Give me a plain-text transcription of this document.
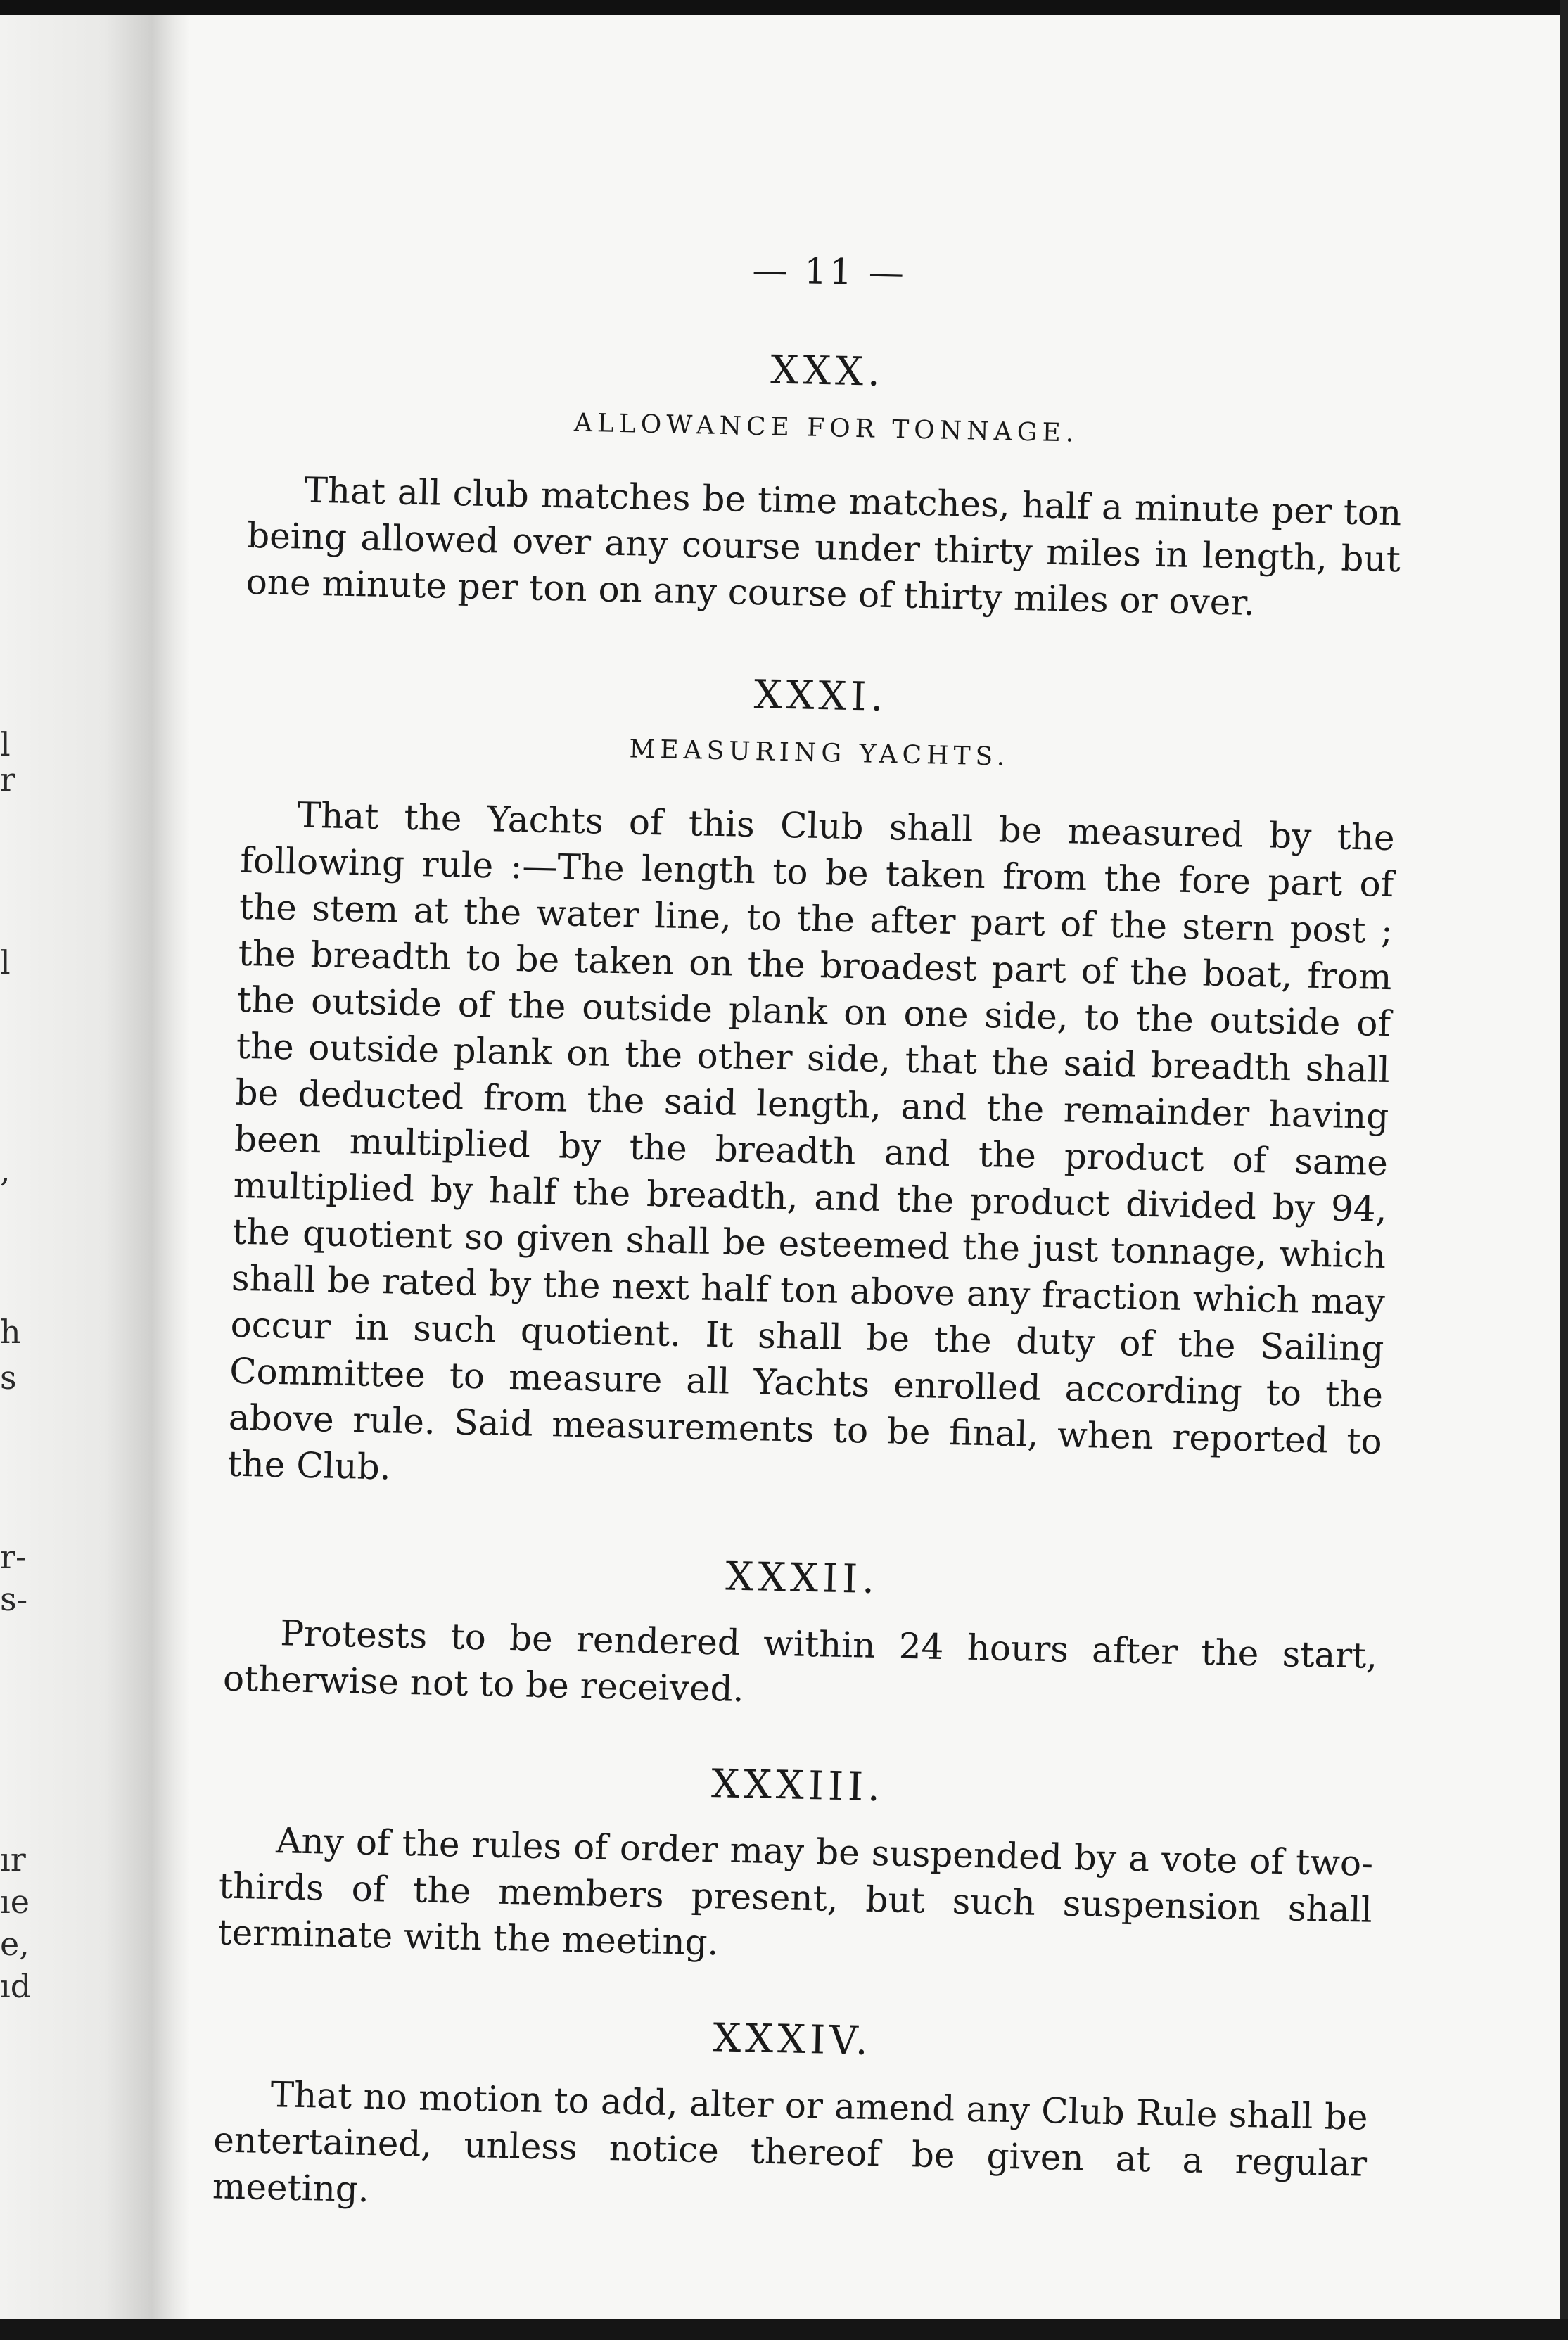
l
r
l
,
h
s
r-
s-
ır
ıe
e,
ıd
— 11 —
XXX.
ALLOWANCE FOR TONNAGE.

That all club matches be time matches, half a minute per ton being allowed over any course under thirty miles in length, but one minute per ton on any course of thirty miles or over.

XXXI.
MEASURING YACHTS.

That the Yachts of this Club shall be measured by the following rule :—The length to be taken from the fore part of the stem at the water line, to the after part of the stern post ; the breadth to be taken on the broadest part of the boat, from the outside of the outside plank on one side, to the outside of the outside plank on the other side, that the said breadth shall be deducted from the said length, and the remainder having been multiplied by the breadth and the product of same multiplied by half the breadth, and the product divided by 94, the quotient so given shall be esteemed the just tonnage, which shall be rated by the next half ton above any fraction which may occur in such quotient. It shall be the duty of the Sailing Committee to measure all Yachts enrolled according to the above rule. Said measurements to be final, when reported to the Club.

XXXII.

Protests to be rendered within 24 hours after the start, otherwise not to be received.

XXXIII.

Any of the rules of order may be suspended by a vote of two-thirds of the members present, but such suspension shall terminate with the meeting.

XXXIV.

That no motion to add, alter or amend any Club Rule shall be entertained, unless notice thereof be given at a regular meeting.
